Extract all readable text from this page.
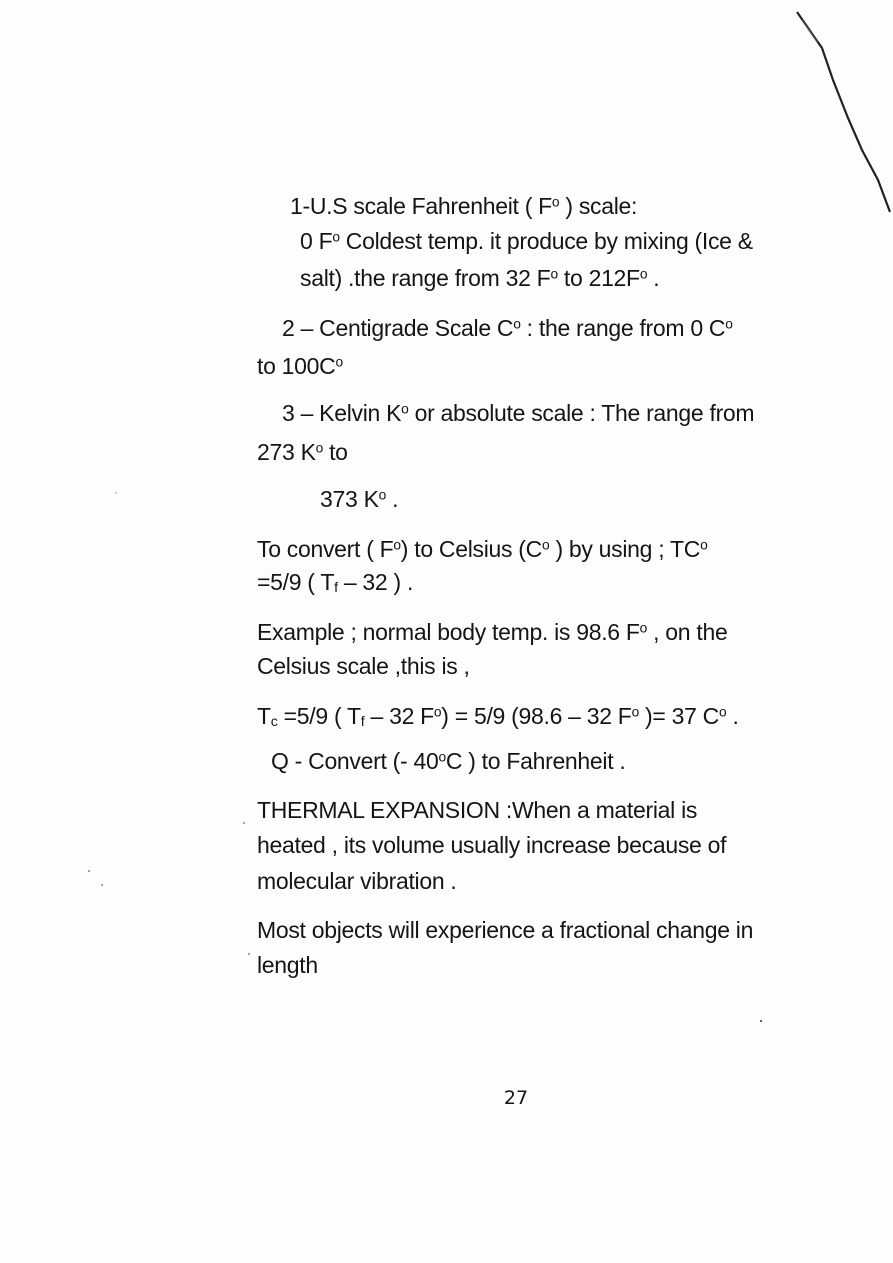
1-U.S scale Fahrenheit ( $F^o$ ) scale:
0 $F^o$ Coldest temp. it produce by mixing (Ice &
salt) .the range from 32 $F^o$ to $212F^o$ .
2 – Centigrade Scale $C^o$ : the range from 0 $C^o$
to $100C^o$
3 – Kelvin $K^o$ or absolute scale : The range from
273 $K^o$ to
373 $K^o$ .
To convert ( $F^o$) to Celsius ($C^o$ ) by using ; $TC^o$
=5/9 ( $T_f - 32$ ) .
Example ; normal body temp. is 98.6 $F^o$ , on the
Celsius scale ,this is ,
$T_c =5/9$ ( $T_f - 32$ $F^o) = 5/9$ (98.6 – 32 $F^o$ )= 37 $C^o$ .
Q - Convert (- 40$^o$C ) to Fahrenheit .
THERMAL EXPANSION :When a material is
heated , its volume usually increase because of
molecular vibration .
Most objects will experience a fractional change in
length
27
